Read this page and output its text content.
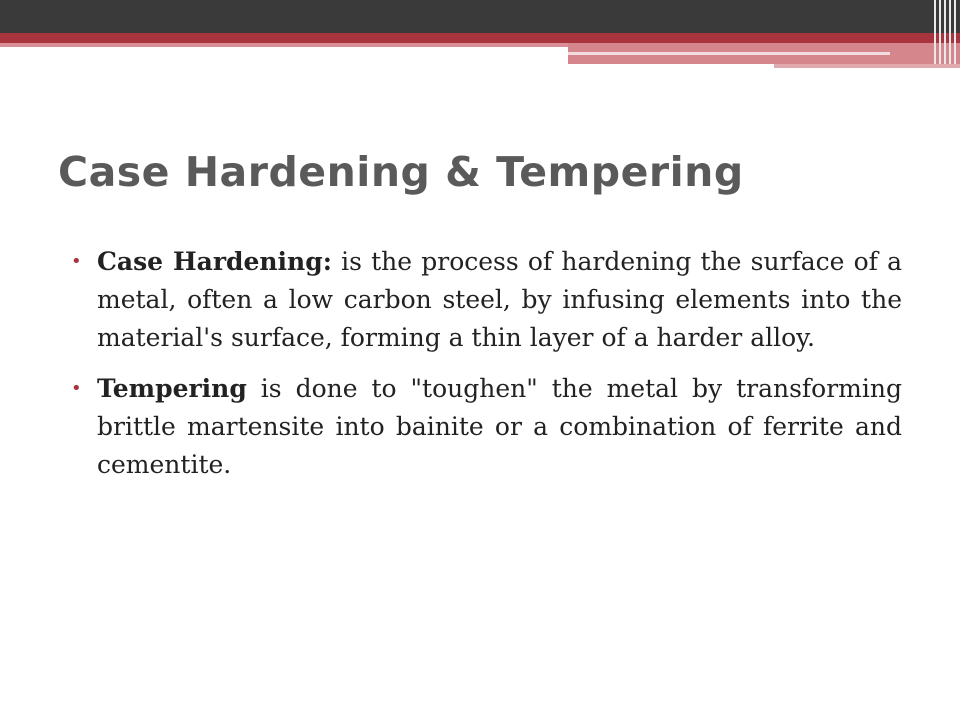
Case Hardening & Tempering
• Case Hardening: is the process of hardening the surface of a metal, often a low carbon steel, by infusing elements into the material's surface, forming a thin layer of a harder alloy.
• Tempering is done to "toughen" the metal by transforming brittle martensite into bainite or a combination of ferrite and cementite.
